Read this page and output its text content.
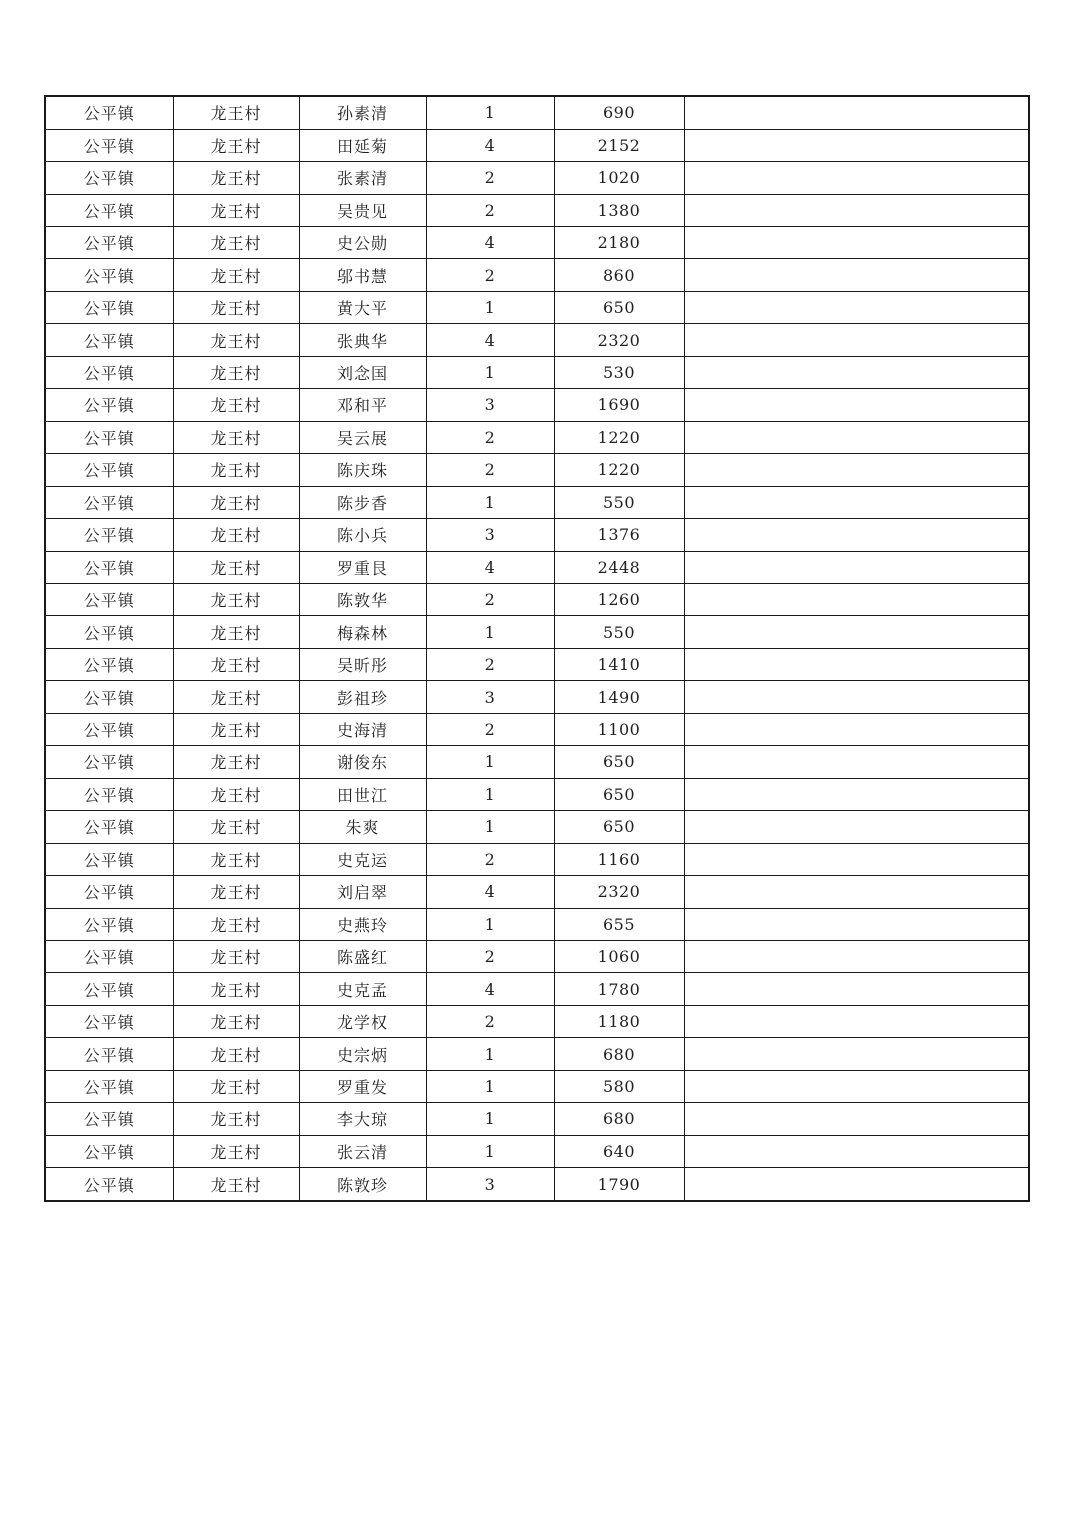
公平镇	龙王村	孙素清	1	690	
公平镇	龙王村	田延菊	4	2152	
公平镇	龙王村	张素清	2	1020	
公平镇	龙王村	吴贵见	2	1380	
公平镇	龙王村	史公勋	4	2180	
公平镇	龙王村	邬书慧	2	860	
公平镇	龙王村	黄大平	1	650	
公平镇	龙王村	张典华	4	2320	
公平镇	龙王村	刘念国	1	530	
公平镇	龙王村	邓和平	3	1690	
公平镇	龙王村	吴云展	2	1220	
公平镇	龙王村	陈庆珠	2	1220	
公平镇	龙王村	陈步香	1	550	
公平镇	龙王村	陈小兵	3	1376	
公平镇	龙王村	罗重艮	4	2448	
公平镇	龙王村	陈敦华	2	1260	
公平镇	龙王村	梅森林	1	550	
公平镇	龙王村	吴昕彤	2	1410	
公平镇	龙王村	彭祖珍	3	1490	
公平镇	龙王村	史海清	2	1100	
公平镇	龙王村	谢俊东	1	650	
公平镇	龙王村	田世江	1	650	
公平镇	龙王村	朱爽	1	650	
公平镇	龙王村	史克运	2	1160	
公平镇	龙王村	刘启翠	4	2320	
公平镇	龙王村	史燕玲	1	655	
公平镇	龙王村	陈盛红	2	1060	
公平镇	龙王村	史克孟	4	1780	
公平镇	龙王村	龙学权	2	1180	
公平镇	龙王村	史宗炳	1	680	
公平镇	龙王村	罗重发	1	580	
公平镇	龙王村	李大琼	1	680	
公平镇	龙王村	张云清	1	640	
公平镇	龙王村	陈敦珍	3	1790	
